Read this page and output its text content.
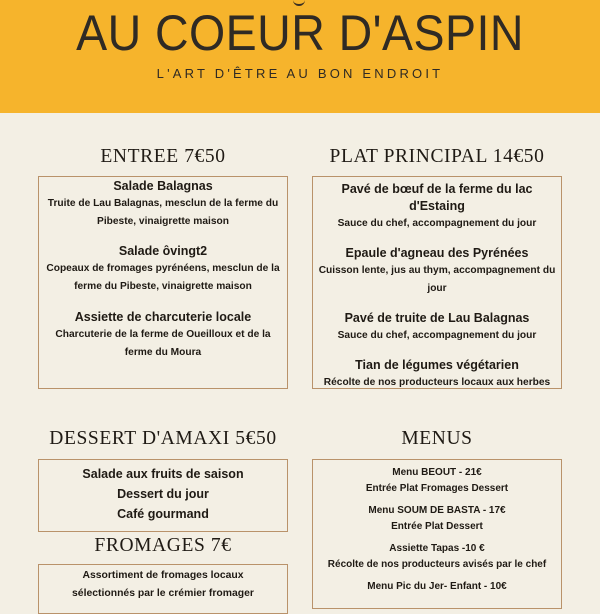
AU COEUR D'ASPIN
L'ART D'ÊTRE AU BON ENDROIT
ENTREE 7€50
Salade Balagnas
Truite de Lau Balagnas, mesclun de la ferme du
Pibeste, vinaigrette maison
Salade ôvingt2
Copeaux de fromages pyrénéens, mesclun de la
ferme du Pibeste, vinaigrette maison
Assiette de charcuterie locale
Charcuterie de la ferme de Oueilloux et de la
ferme du Moura
PLAT PRINCIPAL 14€50
Pavé de bœuf de la ferme du lac d'Estaing
Sauce du chef, accompagnement du jour
Epaule d'agneau des Pyrénées
Cuisson lente, jus au thym, accompagnement du
jour
Pavé de truite de Lau Balagnas
Sauce du chef, accompagnement du jour
Tian de légumes végétarien
Récolte de nos producteurs locaux aux herbes
DESSERT D'AMAXI 5€50
Salade aux fruits de saison
Dessert du jour
Café gourmand
FROMAGES 7€
Assortiment de fromages locaux
sélectionnés par le crémier fromager
MENUS
Menu BEOUT - 21€
Entrée Plat Fromages Dessert
Menu SOUM DE BASTA - 17€
Entrée Plat Dessert
Assiette Tapas -10 €
Récolte de nos producteurs avisés par le chef
Menu Pic du Jer- Enfant - 10€
